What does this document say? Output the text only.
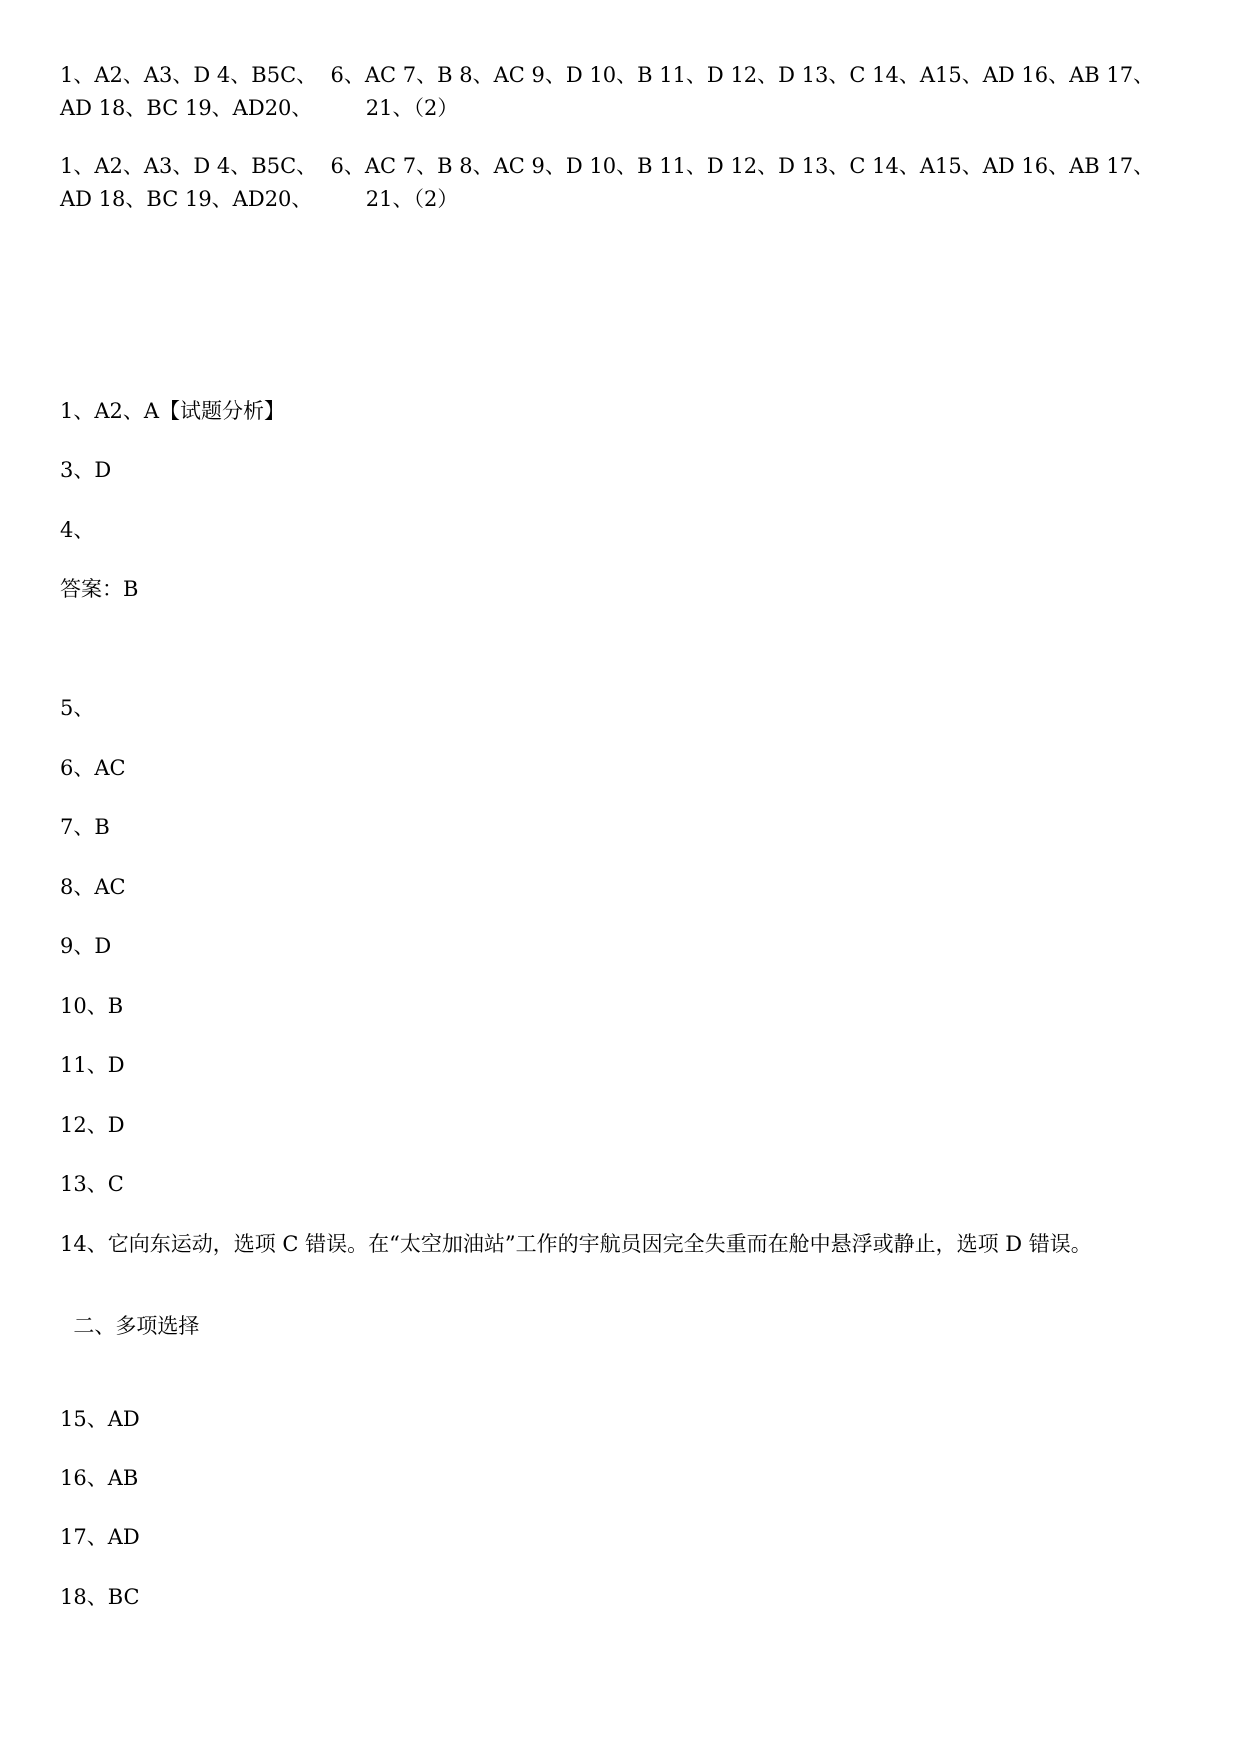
1、A2、A3、D 4、B5C、  6、AC 7、B 8、AC 9、D 10、B 11、D 12、D 13、C 14、A15、AD 16、AB 17、
AD 18、BC 19、AD20、        21、（2）
1、A2、A3、D 4、B5C、  6、AC 7、B 8、AC 9、D 10、B 11、D 12、D 13、C 14、A15、AD 16、AB 17、
AD 18、BC 19、AD20、        21、（2）
1、A2、A【试题分析】
3、D
4、
答案：B
5、
6、AC
7、B
8、AC
9、D
10、B
11、D
12、D
13、C
14、它向东运动，选项 C 错误。在“太空加油站”工作的宇航员因完全失重而在舱中悬浮或静止，选项 D 错误。
二、多项选择
15、AD
16、AB
17、AD
18、BC
